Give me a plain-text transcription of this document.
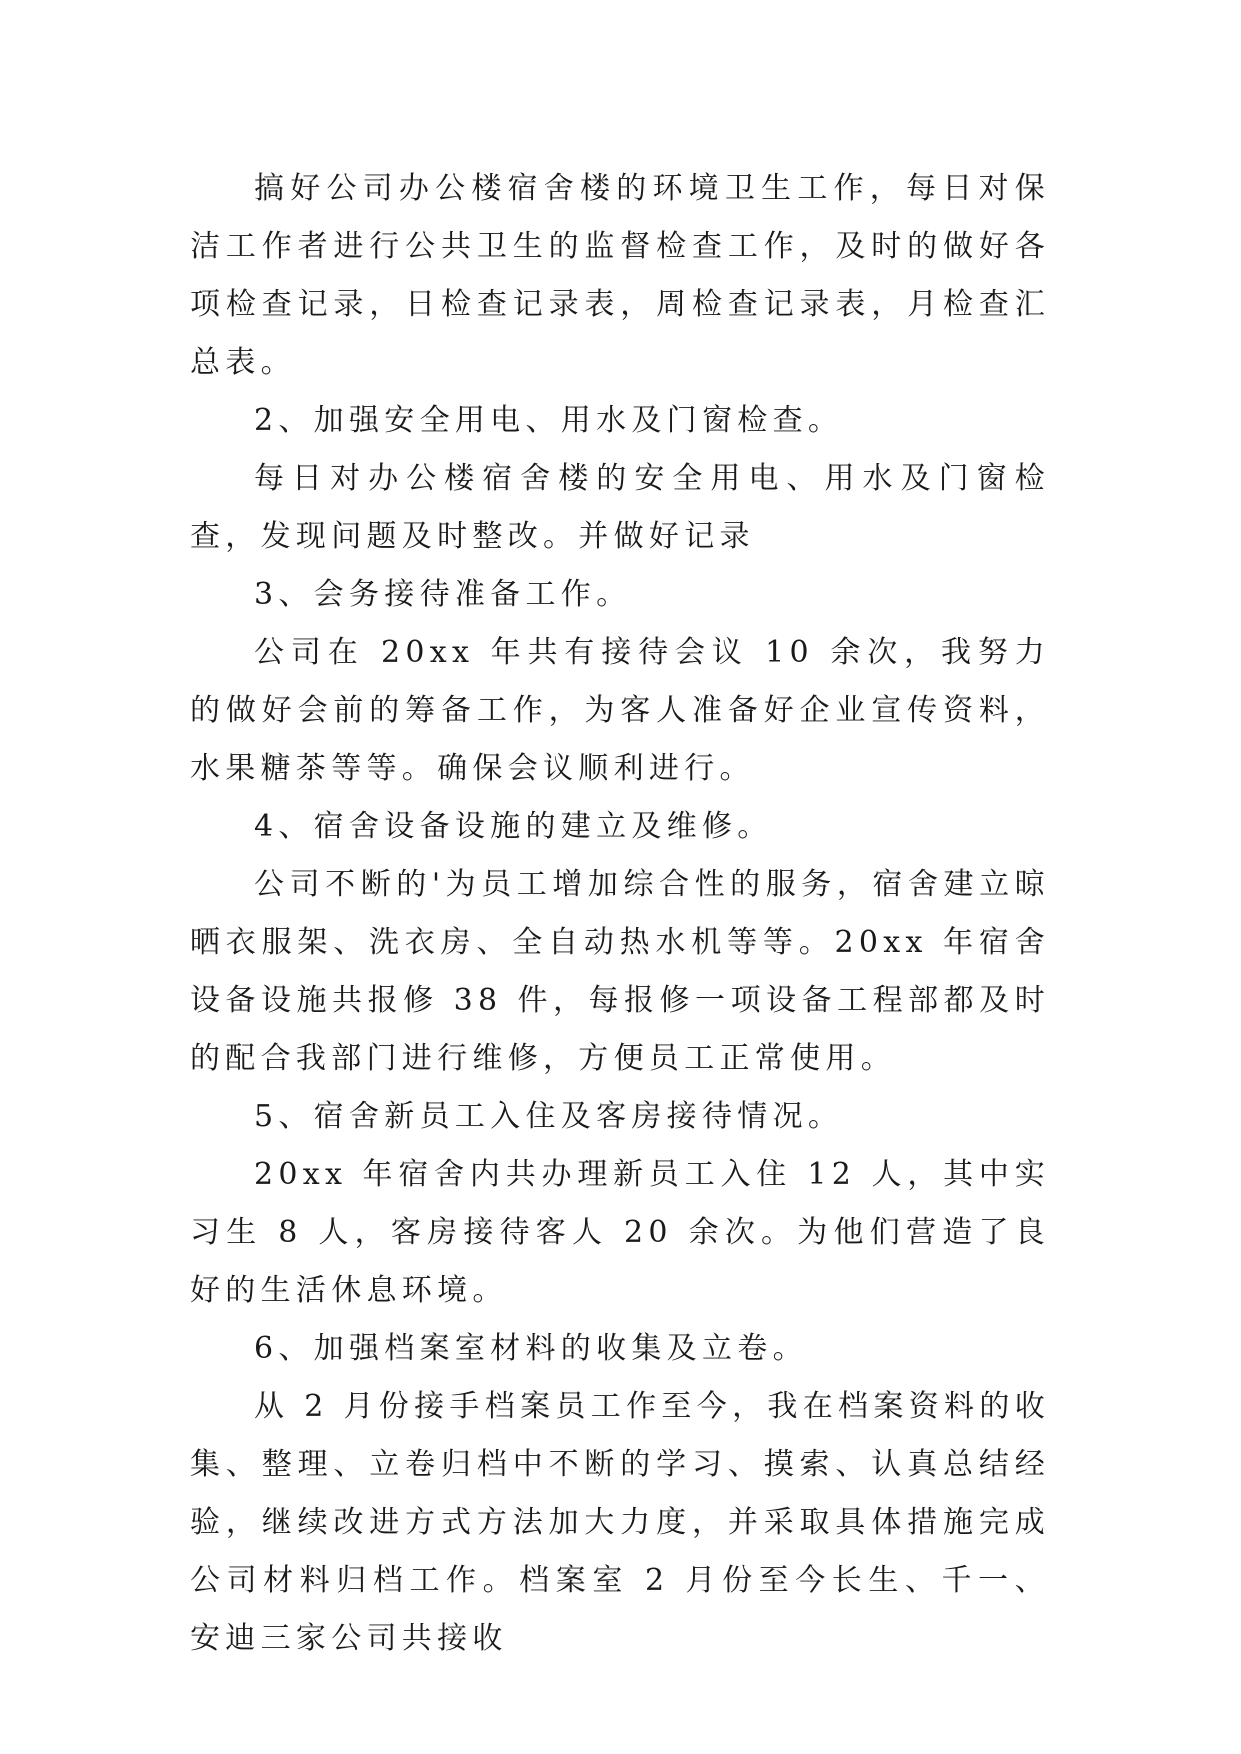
搞好公司办公楼宿舍楼的环境卫生工作，每日对保洁工作者进行公共卫生的监督检查工作，及时的做好各项检查记录，日检查记录表，周检查记录表，月检查汇总表。

2、加强安全用电、用水及门窗检查。

每日对办公楼宿舍楼的安全用电、用水及门窗检查，发现问题及时整改。并做好记录

3、会务接待准备工作。

公司在 20xx 年共有接待会议 10 余次，我努力的做好会前的筹备工作，为客人准备好企业宣传资料，水果糖茶等等。确保会议顺利进行。

4、宿舍设备设施的建立及维修。

公司不断的'为员工增加综合性的服务，宿舍建立晾晒衣服架、洗衣房、全自动热水机等等。20xx 年宿舍设备设施共报修 38 件，每报修一项设备工程部都及时的配合我部门进行维修，方便员工正常使用。

5、宿舍新员工入住及客房接待情况。

20xx 年宿舍内共办理新员工入住 12 人，其中实习生 8 人，客房接待客人 20 余次。为他们营造了良好的生活休息环境。

6、加强档案室材料的收集及立卷。

从 2 月份接手档案员工作至今，我在档案资料的收集、整理、立卷归档中不断的学习、摸索、认真总结经验，继续改进方式方法加大力度，并采取具体措施完成公司材料归档工作。档案室 2 月份至今长生、千一、安迪三家公司共接收
